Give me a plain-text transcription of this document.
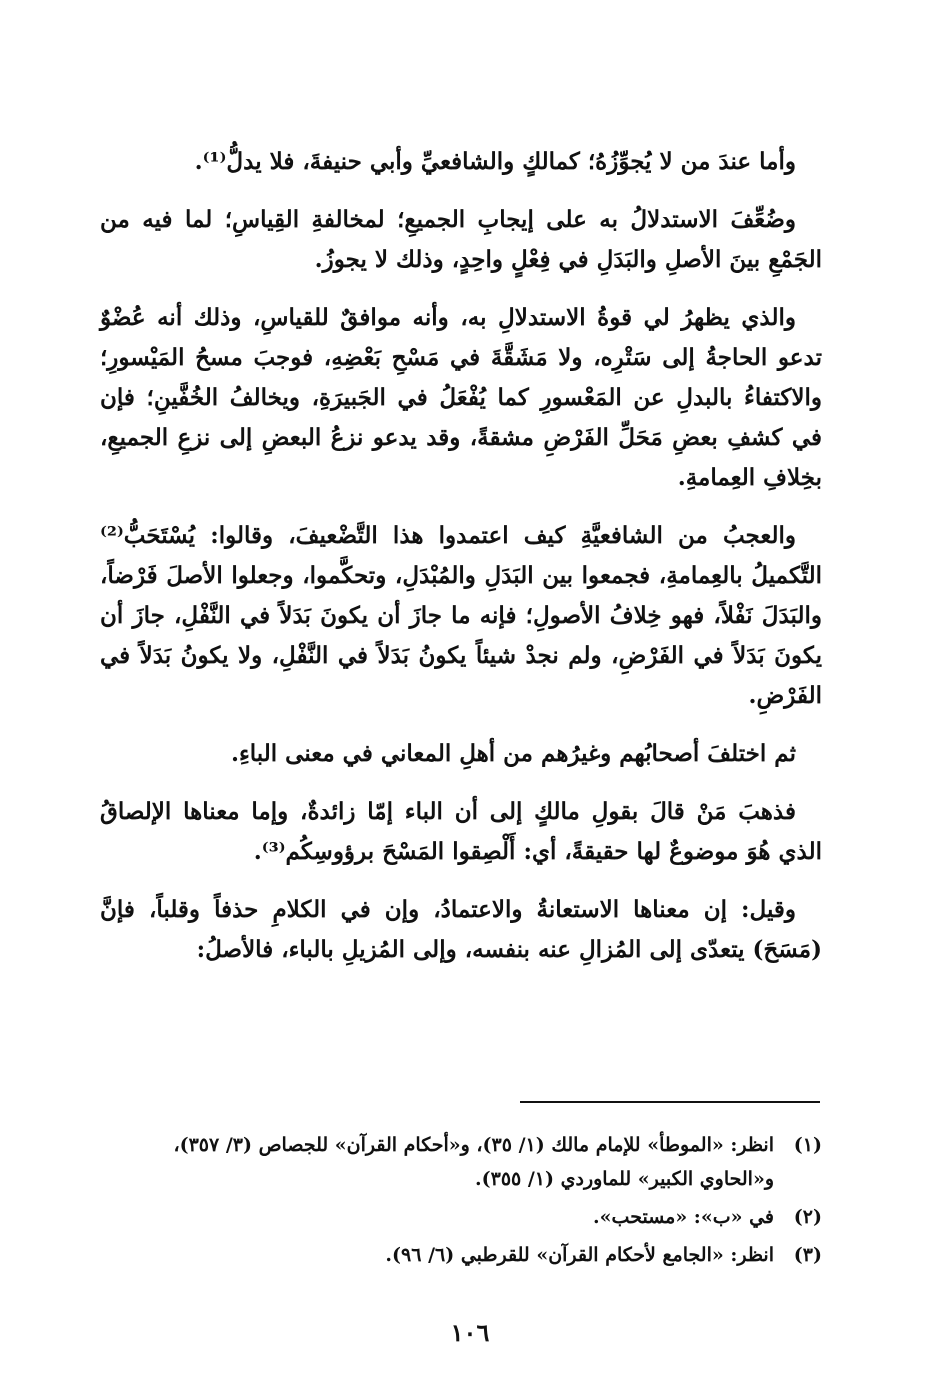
وأما عندَ من لا يُجوِّزُهُ؛ كمالكٍ والشافعيِّ وأبي حنيفةَ، فلا يدلُّ⁽¹⁾.

وضُعِّفَ الاستدلالُ به على إيجابِ الجميعِ؛ لمخالفةِ القِياسِ؛ لما فيه من الجَمْعِ بينَ الأصلِ والبَدَلِ في فِعْلٍ واحِدٍ، وذلك لا يجوزُ.

والذي يظهرُ لي قوةُ الاستدلالِ به، وأنه موافقٌ للقياسِ، وذلك أنه عُضْوٌ تدعو الحاجةُ إلى سَتْرِه، ولا مَشَقَّةَ في مَسْحِ بَعْضِهِ، فوجبَ مسحُ المَيْسورِ؛ والاكتفاءُ بالبدلِ عن المَعْسورِ كما يُفْعَلُ في الجَبيرَةِ، ويخالفُ الخُفَّينِ؛ فإن في كشفِ بعضِ مَحَلِّ الفَرْضِ مشقةً، وقد يدعو نزعُ البعضِ إلى نزعِ الجميعِ، بخِلافِ العِمامةِ.

والعجبُ من الشافعيَّةِ كيف اعتمدوا هذا التَّضْعيفَ، وقالوا: يُسْتَحَبُّ⁽²⁾ التَّكميلُ بالعِمامةِ، فجمعوا بين البَدَلِ والمُبْدَلِ، وتحكَّموا، وجعلوا الأصلَ فَرْضاً، والبَدَلَ نَفْلاً، فهو خِلافُ الأصولِ؛ فإنه ما جازَ أن يكونَ بَدَلاً في النَّفْلِ، جازَ أن يكونَ بَدَلاً في الفَرْضِ، ولم نجدْ شيئاً يكونُ بَدَلاً في النَّفْلِ، ولا يكونُ بَدَلاً في الفَرْضِ.

ثم اختلفَ أصحابُهم وغيرُهم من أهلِ المعاني في معنى الباءِ.

فذهبَ مَنْ قالَ بقولِ مالكٍ إلى أن الباء إمّا زائدةٌ، وإما معناها الإلصاقُ الذي هُوَ موضوعٌ لها حقيقةً، أي: أَلْصِقوا المَسْحَ برؤوسِكُم⁽³⁾.

وقيل: إن معناها الاستعانةُ والاعتمادُ، وإن في الكلامِ حذفاً وقلباً، فإنَّ (مَسَحَ) يتعدّى إلى المُزالِ عنه بنفسه، وإلى المُزيلِ بالباء، فالأصلُ:

(١)
انظر: «الموطأ» للإمام مالك (١/ ٣٥)، و«أحكام القرآن» للجصاص (٣/ ٣٥٧)، و«الحاوي الكبير» للماوردي (١/ ٣٥٥).
(٢)
في «ب»: «مستحب».
(٣)
انظر: «الجامع لأحكام القرآن» للقرطبي (٦/ ٩٦).
١٠٦
